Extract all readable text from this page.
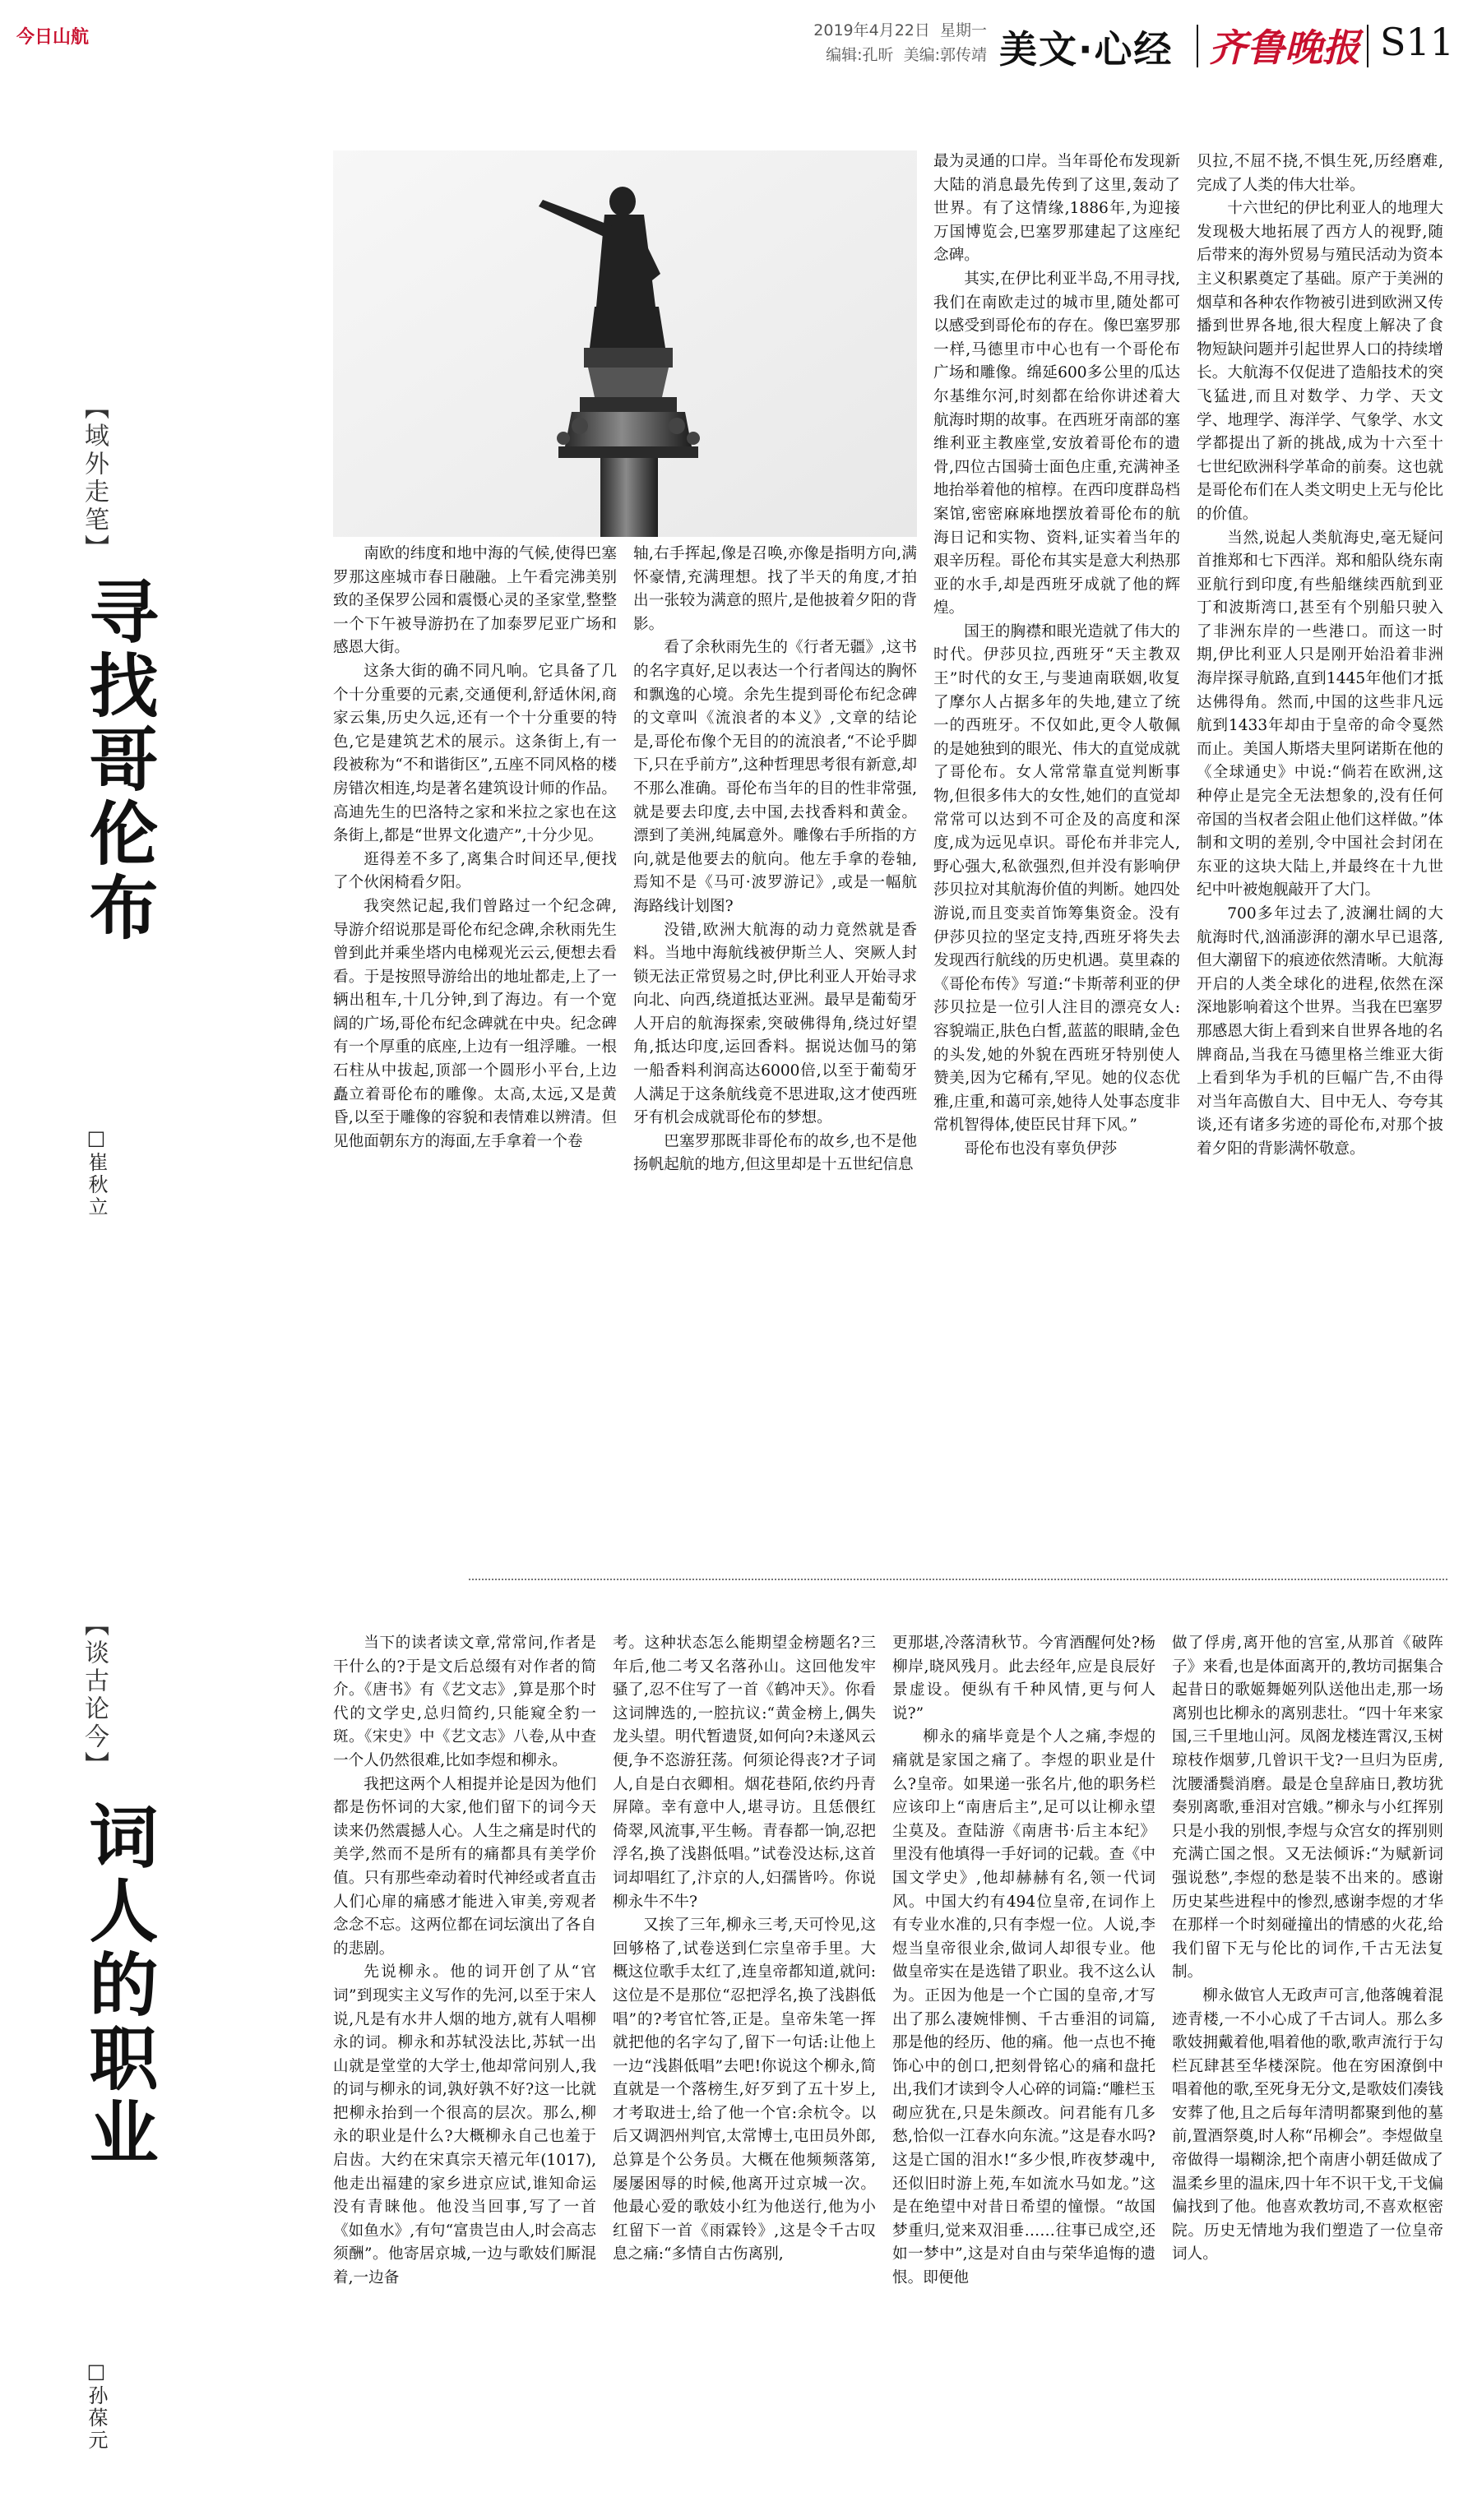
今日山航	2019年4月22日 星期一
编辑:孔昕 美编:郭传靖 美文·心经 齐鲁晚报 S11
【域外走笔】
寻找哥伦布
□崔秋立

南欧的纬度和地中海的气候,使得巴塞罗那这座城市春日融融。上午看完沸美别致的圣保罗公园和震慑心灵的圣家堂,整整一个下午被导游扔在了加泰罗尼亚广场和感恩大街。

这条大街的确不同凡响。它具备了几个十分重要的元素,交通便利,舒适休闲,商家云集,历史久远,还有一个十分重要的特色,它是建筑艺术的展示。这条街上,有一段被称为“不和谐街区”,五座不同风格的楼房错次相连,均是著名建筑设计师的作品。高迪先生的巴洛特之家和米拉之家也在这条街上,都是“世界文化遗产”,十分少见。

逛得差不多了,离集合时间还早,便找了个伙闲椅看夕阳。

我突然记起,我们曾路过一个纪念碑,导游介绍说那是哥伦布纪念碑,余秋雨先生曾到此并乘坐塔内电梯观光云云,便想去看看。于是按照导游给出的地址都走,上了一辆出租车,十几分钟,到了海边。有一个宽阔的广场,哥伦布纪念碑就在中央。纪念碑有一个厚重的底座,上边有一组浮雕。一根石柱从中拔起,顶部一个圆形小平台,上边矗立着哥伦布的雕像。太高,太远,又是黄昏,以至于雕像的容貌和表情难以辨清。但见他面朝东方的海面,左手拿着一个卷

轴,右手挥起,像是召唤,亦像是指明方向,满怀豪情,充满理想。找了半天的角度,才拍出一张较为满意的照片,是他披着夕阳的背影。

看了余秋雨先生的《行者无疆》,这书的名字真好,足以表达一个行者闯达的胸怀和飘逸的心境。余先生提到哥伦布纪念碑的文章叫《流浪者的本义》,文章的结论是,哥伦布像个无目的的流浪者,“不论乎脚下,只在乎前方”,这种哲理思考很有新意,却不那么准确。哥伦布当年的目的性非常强,就是要去印度,去中国,去找香料和黄金。漂到了美洲,纯属意外。雕像右手所指的方向,就是他要去的航向。他左手拿的卷轴,焉知不是《马可·波罗游记》,或是一幅航海路线计划图?

没错,欧洲大航海的动力竟然就是香料。当地中海航线被伊斯兰人、突厥人封锁无法正常贸易之时,伊比利亚人开始寻求向北、向西,绕道抵达亚洲。最早是葡萄牙人开启的航海探索,突破佛得角,绕过好望角,抵达印度,运回香料。据说达伽马的第一船香料利润高达6000倍,以至于葡萄牙人满足于这条航线竟不思进取,这才使西班牙有机会成就哥伦布的梦想。

巴塞罗那既非哥伦布的故乡,也不是他扬帆起航的地方,但这里却是十五世纪信息

最为灵通的口岸。当年哥伦布发现新大陆的消息最先传到了这里,轰动了世界。有了这情缘,1886年,为迎接万国博览会,巴塞罗那建起了这座纪念碑。

其实,在伊比利亚半岛,不用寻找,我们在南欧走过的城市里,随处都可以感受到哥伦布的存在。像巴塞罗那一样,马德里市中心也有一个哥伦布广场和雕像。绵延600多公里的瓜达尔基维尔河,时刻都在给你讲述着大航海时期的故事。在西班牙南部的塞维利亚主教座堂,安放着哥伦布的遗骨,四位古国骑士面色庄重,充满神圣地抬举着他的棺椁。在西印度群岛档案馆,密密麻麻地摆放着哥伦布的航海日记和实物、资料,证实着当年的艰辛历程。哥伦布其实是意大利热那亚的水手,却是西班牙成就了他的辉煌。

国王的胸襟和眼光造就了伟大的时代。伊莎贝拉,西班牙“天主教双王”时代的女王,与斐迪南联姻,收复了摩尔人占据多年的失地,建立了统一的西班牙。不仅如此,更令人敬佩的是她独到的眼光、伟大的直觉成就了哥伦布。女人常常靠直觉判断事物,但很多伟大的女性,她们的直觉却常常可以达到不可企及的高度和深度,成为远见卓识。哥伦布并非完人,野心强大,私欲强烈,但并没有影响伊莎贝拉对其航海价值的判断。她四处游说,而且变卖首饰筹集资金。没有伊莎贝拉的坚定支持,西班牙将失去发现西行航线的历史机遇。莫里森的《哥伦布传》写道:“卡斯蒂利亚的伊莎贝拉是一位引人注目的漂亮女人:容貌端正,肤色白皙,蓝蓝的眼睛,金色的头发,她的外貌在西班牙特别使人赞美,因为它稀有,罕见。她的仪态优雅,庄重,和蔼可亲,她待人处事态度非常机智得体,使臣民甘拜下风。”

哥伦布也没有辜负伊莎

贝拉,不屈不挠,不惧生死,历经磨难,完成了人类的伟大壮举。

十六世纪的伊比利亚人的地理大发现极大地拓展了西方人的视野,随后带来的海外贸易与殖民活动为资本主义积累奠定了基础。原产于美洲的烟草和各种农作物被引进到欧洲又传播到世界各地,很大程度上解决了食物短缺问题并引起世界人口的持续增长。大航海不仅促进了造船技术的突飞猛进,而且对数学、力学、天文学、地理学、海洋学、气象学、水文学都提出了新的挑战,成为十六至十七世纪欧洲科学革命的前奏。这也就是哥伦布们在人类文明史上无与伦比的价值。

当然,说起人类航海史,毫无疑问首推郑和七下西洋。郑和船队绕东南亚航行到印度,有些船继续西航到亚丁和波斯湾口,甚至有个别船只驶入了非洲东岸的一些港口。而这一时期,伊比利亚人只是刚开始沿着非洲海岸探寻航路,直到1445年他们才抵达佛得角。然而,中国的这些非凡远航到1433年却由于皇帝的命令戛然而止。美国人斯塔夫里阿诺斯在他的《全球通史》中说:“倘若在欧洲,这种停止是完全无法想象的,没有任何帝国的当权者会阻止他们这样做。”体制和文明的差别,令中国社会封闭在东亚的这块大陆上,并最终在十九世纪中叶被炮舰敲开了大门。

700多年过去了,波澜壮阔的大航海时代,汹涌澎湃的潮水早已退落,但大潮留下的痕迹依然清晰。大航海开启的人类全球化的进程,依然在深深地影响着这个世界。当我在巴塞罗那感恩大街上看到来自世界各地的名牌商品,当我在马德里格兰维亚大街上看到华为手机的巨幅广告,不由得对当年高傲自大、目中无人、夸夸其谈,还有诸多劣迹的哥伦布,对那个披着夕阳的背影满怀敬意。

【谈古论今】
词人的职业
□孙葆元

当下的读者读文章,常常问,作者是干什么的?于是文后总缀有对作者的简介。《唐书》有《艺文志》,算是那个时代的文学史,总归简约,只能窥全豹一斑。《宋史》中《艺文志》八卷,从中查一个人仍然很难,比如李煜和柳永。

我把这两个人相提并论是因为他们都是伤怀词的大家,他们留下的词今天读来仍然震撼人心。人生之痛是时代的美学,然而不是所有的痛都具有美学价值。只有那些牵动着时代神经或者直击人们心扉的痛感才能进入审美,旁观者念念不忘。这两位都在词坛演出了各自的悲剧。

先说柳永。他的词开创了从“官词”到现实主义写作的先河,以至于宋人说,凡是有水井人烟的地方,就有人唱柳永的词。柳永和苏轼没法比,苏轼一出山就是堂堂的大学士,他却常问别人,我的词与柳永的词,孰好孰不好?这一比就把柳永抬到一个很高的层次。那么,柳永的职业是什么?大概柳永自己也羞于启齿。大约在宋真宗天禧元年(1017),他走出福建的家乡进京应试,谁知命运没有青睐他。他没当回事,写了一首《如鱼水》,有句“富贵岂由人,时会高志须酬”。他寄居京城,一边与歌妓们厮混着,一边备

考。这种状态怎么能期望金榜题名?三年后,他二考又名落孙山。这回他发牢骚了,忍不住写了一首《鹤冲天》。你看这词牌选的,一腔抗议:“黄金榜上,偶失龙头望。明代暂遗贤,如何向?未遂风云便,争不恣游狂荡。何须论得丧?才子词人,自是白衣卿相。烟花巷陌,依约丹青屏障。幸有意中人,堪寻访。且恁偎红倚翠,风流事,平生畅。青春都一饷,忍把浮名,换了浅斟低唱。”试卷没达标,这首词却唱红了,汴京的人,妇孺皆吟。你说柳永牛不牛?

又挨了三年,柳永三考,天可怜见,这回够格了,试卷送到仁宗皇帝手里。大概这位歌手太红了,连皇帝都知道,就问:这位是不是那位“忍把浮名,换了浅斟低唱”的?考官忙答,正是。皇帝朱笔一挥就把他的名字勾了,留下一句话:让他上一边“浅斟低唱”去吧!你说这个柳永,简直就是一个落榜生,好歹到了五十岁上,才考取进士,给了他一个官:余杭令。以后又调泗州判官,太常博士,屯田员外郎,总算是个公务员。大概在他频频落第,屡屡困辱的时候,他离开过京城一次。他最心爱的歌妓小红为他送行,他为小红留下一首《雨霖铃》,这是令千古叹息之痛:“多情自古伤离别,

更那堪,冷落清秋节。今宵酒醒何处?杨柳岸,晓风残月。此去经年,应是良辰好景虚设。便纵有千种风情,更与何人说?”

柳永的痛毕竟是个人之痛,李煜的痛就是家国之痛了。李煜的职业是什么?皇帝。如果递一张名片,他的职务栏应该印上“南唐后主”,足可以让柳永望尘莫及。查陆游《南唐书·后主本纪》里没有他填得一手好词的记载。查《中国文学史》,他却赫赫有名,领一代词风。中国大约有494位皇帝,在词作上有专业水准的,只有李煜一位。人说,李煜当皇帝很业余,做词人却很专业。他做皇帝实在是选错了职业。我不这么认为。正因为他是一个亡国的皇帝,才写出了那么凄婉悱恻、千古垂泪的词篇,那是他的经历、他的痛。他一点也不掩饰心中的创口,把刻骨铭心的痛和盘托出,我们才读到令人心碎的词篇:“雕栏玉砌应犹在,只是朱颜改。问君能有几多愁,恰似一江春水向东流。”这是春水吗?这是亡国的泪水!“多少恨,昨夜梦魂中,还似旧时游上苑,车如流水马如龙。”这是在绝望中对昔日希望的憧憬。“故国梦重归,觉来双泪垂……往事已成空,还如一梦中”,这是对自由与荣华追悔的遗恨。即便他

做了俘虏,离开他的宫室,从那首《破阵子》来看,也是体面离开的,教坊司据集合起昔日的歌姬舞姬列队送他出走,那一场离别也比柳永的离别悲壮。“四十年来家国,三千里地山河。凤阁龙楼连霄汉,玉树琼枝作烟萝,几曾识干戈?一旦归为臣虏,沈腰潘鬓消磨。最是仓皇辞庙日,教坊犹奏别离歌,垂泪对宫娥。”柳永与小红挥别只是小我的别恨,李煜与众宫女的挥别则充满亡国之恨。又无法倾诉:“为赋新词强说愁”,李煜的愁是装不出来的。感谢历史某些进程中的惨烈,感谢李煜的才华在那样一个时刻碰撞出的情感的火花,给我们留下无与伦比的词作,千古无法复制。

柳永做官人无政声可言,他落魄着混迹青楼,一不小心成了千古词人。那么多歌妓拥戴着他,唱着他的歌,歌声流行于勾栏瓦肆甚至华楼深院。他在穷困潦倒中唱着他的歌,至死身无分文,是歌妓们凑钱安葬了他,且之后每年清明都聚到他的墓前,置酒祭奠,时人称“吊柳会”。李煜做皇帝做得一塌糊涂,把个南唐小朝廷做成了温柔乡里的温床,四十年不识干戈,干戈偏偏找到了他。他喜欢教坊司,不喜欢枢密院。历史无情地为我们塑造了一位皇帝词人。
